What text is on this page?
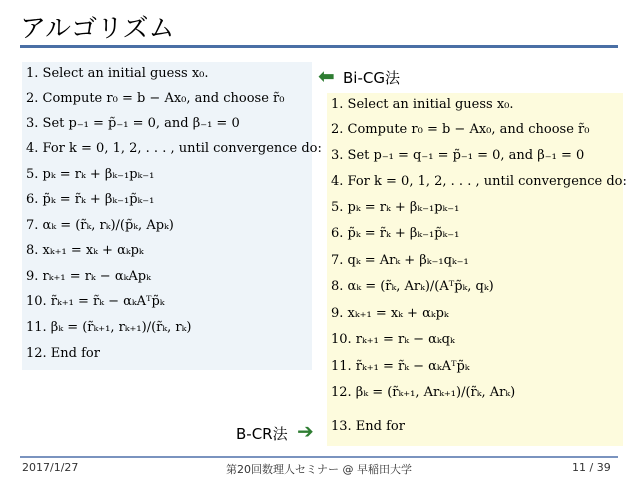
アルゴリズム
1. Select an initial guess x₀.
2. Compute r₀ = b − Ax₀, and choose r̃₀
3. Set p₋₁ = p̃₋₁ = 0, and β₋₁ = 0
4. For k = 0, 1, 2, . . . , until convergence do:
5. pₖ = rₖ + βₖ₋₁pₖ₋₁
6. p̃ₖ = r̃ₖ + βₖ₋₁p̃ₖ₋₁
7. αₖ = (r̃ₖ, rₖ)/(p̃ₖ, Apₖ)
8. xₖ₊₁ = xₖ + αₖpₖ
9. rₖ₊₁ = rₖ − αₖApₖ
10. r̃ₖ₊₁ = r̃ₖ − αₖAᵀp̃ₖ
11. βₖ = (r̃ₖ₊₁, rₖ₊₁)/(r̃ₖ, rₖ)
12. End for
⬅ Bi-CG法
1. Select an initial guess x₀.
2. Compute r₀ = b − Ax₀, and choose r̃₀
3. Set p₋₁ = q₋₁ = p̃₋₁ = 0, and β₋₁ = 0
4. For k = 0, 1, 2, . . . , until convergence do:
5. pₖ = rₖ + βₖ₋₁pₖ₋₁
6. p̃ₖ = r̃ₖ + βₖ₋₁p̃ₖ₋₁
7. qₖ = Arₖ + βₖ₋₁qₖ₋₁
8. αₖ = (r̃ₖ, Arₖ)/(Aᵀp̃ₖ, qₖ)
9. xₖ₊₁ = xₖ + αₖpₖ
10. rₖ₊₁ = rₖ − αₖqₖ
11. r̃ₖ₊₁ = r̃ₖ − αₖAᵀp̃ₖ
12. βₖ = (r̃ₖ₊₁, Arₖ₊₁)/(r̃ₖ, Arₖ)
13. End for
B-CR法 ➔
2017/1/27	第20回数理人セミナー @ 早稲田大学	11 / 39
